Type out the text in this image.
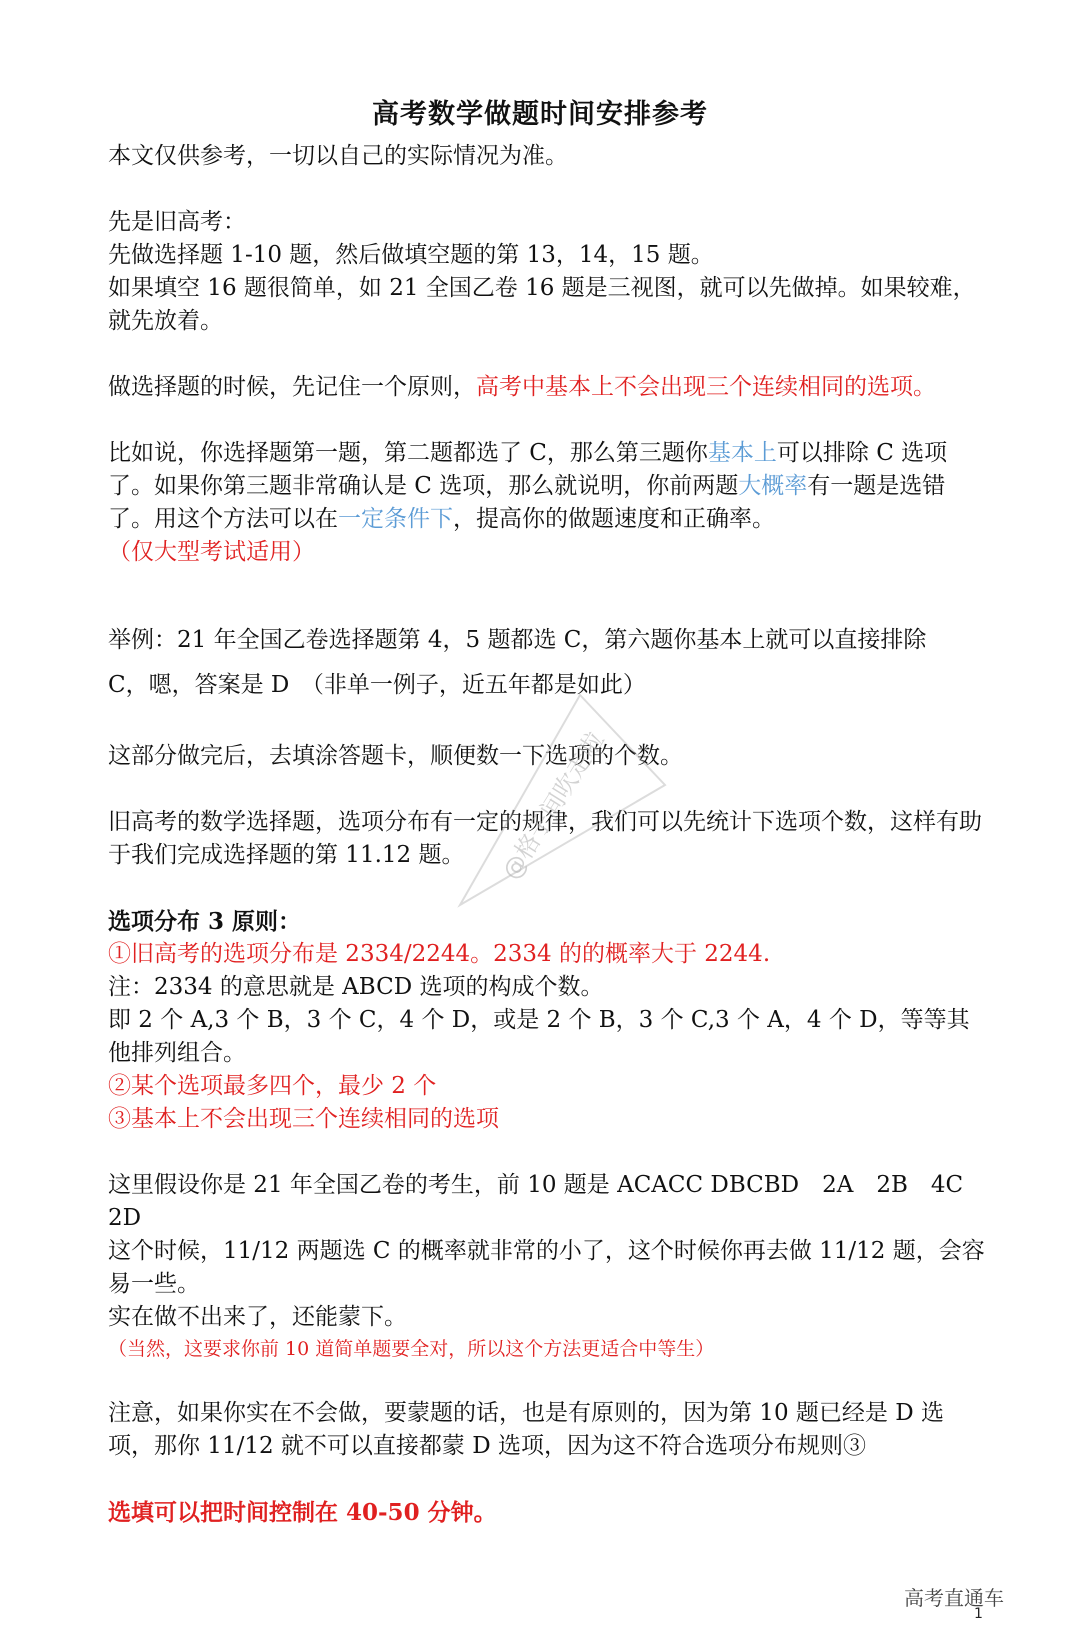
高考数学做题时间安排参考

本文仅供参考，一切以自己的实际情况为准。

先是旧高考：

先做选择题 1-10 题，然后做填空题的第 13，14，15 题。

如果填空 16 题很简单，如 21 全国乙卷 16 题是三视图，就可以先做掉。如果较难，就先放着。

做选择题的时候，先记住一个原则，高考中基本上不会出现三个连续相同的选项。

比如说，你选择题第一题，第二题都选了 C，那么第三题你基本上可以排除 C 选项了。如果你第三题非常确认是 C 选项，那么就说明，你前两题大概率有一题是选错了。用这个方法可以在一定条件下，提高你的做题速度和正确率。

（仅大型考试适用）

举例：21 年全国乙卷选择题第 4，5 题都选 C，第六题你基本上就可以直接排除

C，嗯，答案是 D　（非单一例子，近五年都是如此）

这部分做完后，去填涂答题卡，顺便数一下选项的个数。

旧高考的数学选择题，选项分布有一定的规律，我们可以先统计下选项个数，这样有助于我们完成选择题的第 11.12 题。

选项分布 3 原则：

①旧高考的选项分布是 2334/2244。2334 的的概率大于 2244.

注：2334 的意思就是 ABCD 选项的构成个数。

即 2 个 A,3 个 B，3 个 C，4 个 D，或是 2 个 B，3 个 C,3 个 A，4 个 D，等等其他排列组合。

②某个选项最多四个，最少 2 个

③基本上不会出现三个连续相同的选项

这里假设你是 21 年全国乙卷的考生，前 10 题是 ACACC DBCBD　2A　2B　4C　2D

这个时候，11/12 两题选 C 的概率就非常的小了，这个时候你再去做 11/12 题，会容易一些。

实在做不出来了，还能蒙下。

（当然，这要求你前 10 道简单题要全对，所以这个方法更适合中等生）

注意，如果你实在不会做，要蒙题的话，也是有原则的，因为第 10 题已经是 D 选项，那你 11/12 就不可以直接都蒙 D 选项，因为这不符合选项分布规则③

选填可以把时间控制在 40-50 分钟。

@格子间吹走啦
高考直通车
1
